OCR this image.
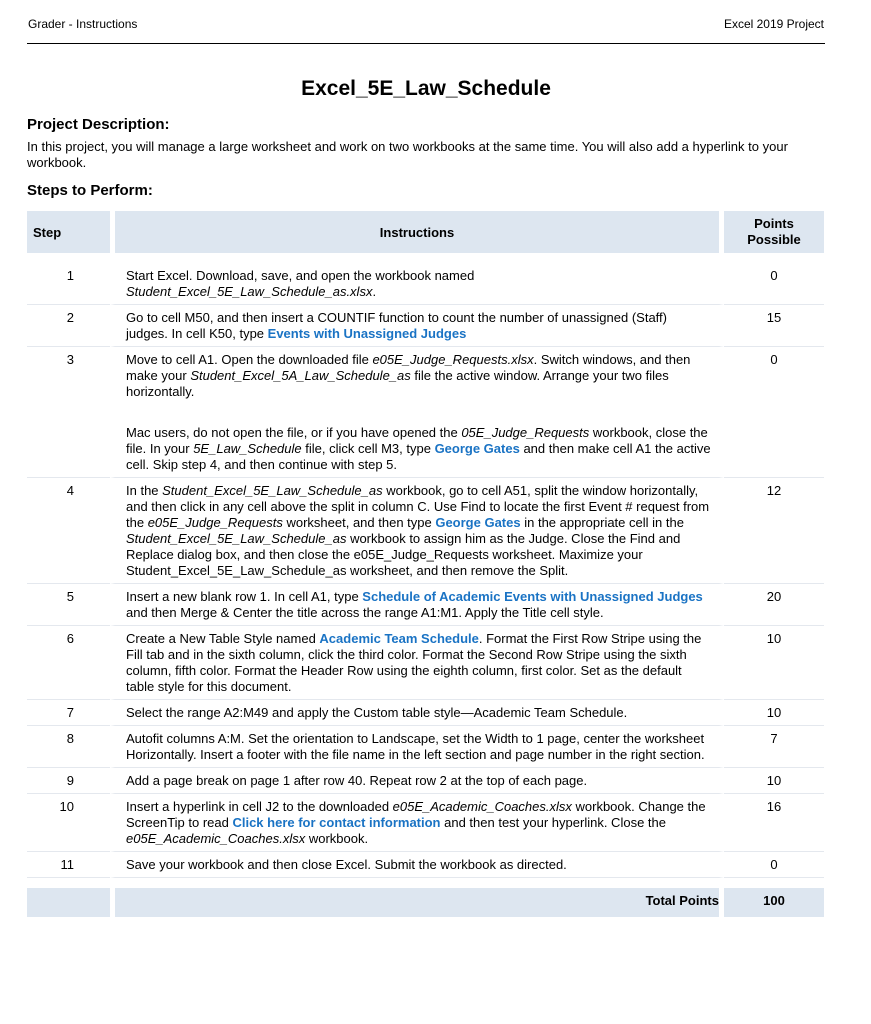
Grader - Instructions	Excel 2019 Project
Excel_5E_Law_Schedule

Project Description:

In this project, you will manage a large worksheet and work on two workbooks at the same time. You will also add a hyperlink to your workbook.

Steps to Perform:

Step	Instructions	Points
Possible

1	Start Excel. Download, save, and open the workbook named Student_Excel_5E_Law_Schedule_as.xlsx.	0
2	Go to cell M50, and then insert a COUNTIF function to count the number of unassigned (Staff) judges. In cell K50, type Events with Unassigned Judges	15
3	Move to cell A1. Open the downloaded file e05E_Judge_Requests.xlsx. Switch windows, and then make your Student_Excel_5A_Law_Schedule_as file the active window. Arrange your two files horizontally.
Mac users, do not open the file, or if you have opened the 05E_Judge_Requests workbook, close the file. In your 5E_Law_Schedule file, click cell M3, type George Gates and then make cell A1 the active cell. Skip step 4, and then continue with step 5.	0
4	In the Student_Excel_5E_Law_Schedule_as workbook, go to cell A51, split the window horizontally, and then click in any cell above the split in column C. Use Find to locate the first Event # request from the e05E_Judge_Requests worksheet, and then type George Gates in the appropriate cell in the Student_Excel_5E_Law_Schedule_as workbook to assign him as the Judge. Close the Find and Replace dialog box, and then close the e05E_Judge_Requests worksheet. Maximize your Student_Excel_5E_Law_Schedule_as worksheet, and then remove the Split.	12
5	Insert a new blank row 1. In cell A1, type Schedule of Academic Events with Unassigned Judges and then Merge & Center the title across the range A1:M1. Apply the Title cell style.	20
6	Create a New Table Style named Academic Team Schedule. Format the First Row Stripe using the Fill tab and in the sixth column, click the third color. Format the Second Row Stripe using the sixth column, fifth color. Format the Header Row using the eighth column, first color. Set as the default table style for this document.	10
7	Select the range A2:M49 and apply the Custom table style—Academic Team Schedule.	10
8	Autofit columns A:M. Set the orientation to Landscape, set the Width to 1 page, center the worksheet Horizontally. Insert a footer with the file name in the left section and page number in the right section.	7
9	Add a page break on page 1 after row 40. Repeat row 2 at the top of each page.	10
10	Insert a hyperlink in cell J2 to the downloaded e05E_Academic_Coaches.xlsx workbook. Change the ScreenTip to read Click here for contact information and then test your hyperlink. Close the e05E_Academic_Coaches.xlsx workbook.	16
11	Save your workbook and then close Excel. Submit the workbook as directed.	0

	Total Points	100
